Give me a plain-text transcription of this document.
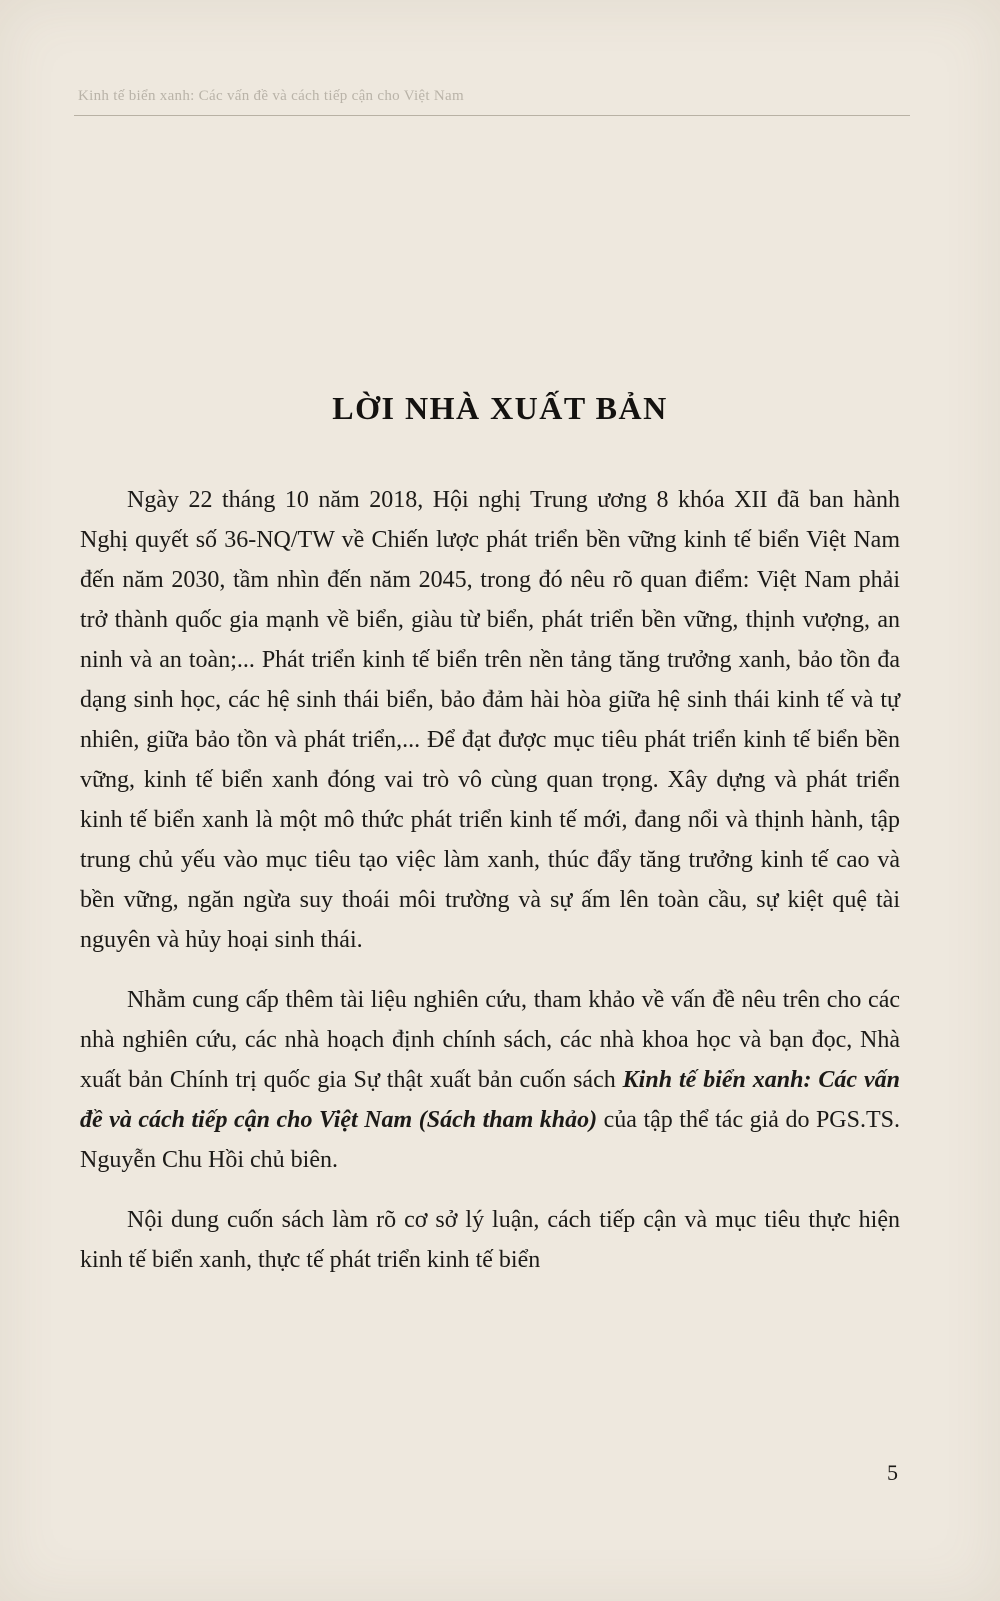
Kinh tế biển xanh: Các vấn đề và cách tiếp cận cho Việt Nam
LỜI NHÀ XUẤT BẢN

Ngày 22 tháng 10 năm 2018, Hội nghị Trung ương 8 khóa XII đã ban hành Nghị quyết số 36-NQ/TW về Chiến lược phát triển bền vững kinh tế biển Việt Nam đến năm 2030, tầm nhìn đến năm 2045, trong đó nêu rõ quan điểm: Việt Nam phải trở thành quốc gia mạnh về biển, giàu từ biển, phát triển bền vững, thịnh vượng, an ninh và an toàn;... Phát triển kinh tế biển trên nền tảng tăng trưởng xanh, bảo tồn đa dạng sinh học, các hệ sinh thái biển, bảo đảm hài hòa giữa hệ sinh thái kinh tế và tự nhiên, giữa bảo tồn và phát triển,... Để đạt được mục tiêu phát triển kinh tế biển bền vững, kinh tế biển xanh đóng vai trò vô cùng quan trọng. Xây dựng và phát triển kinh tế biển xanh là một mô thức phát triển kinh tế mới, đang nổi và thịnh hành, tập trung chủ yếu vào mục tiêu tạo việc làm xanh, thúc đẩy tăng trưởng kinh tế cao và bền vững, ngăn ngừa suy thoái môi trường và sự ấm lên toàn cầu, sự kiệt quệ tài nguyên và hủy hoại sinh thái.

Nhằm cung cấp thêm tài liệu nghiên cứu, tham khảo về vấn đề nêu trên cho các nhà nghiên cứu, các nhà hoạch định chính sách, các nhà khoa học và bạn đọc, Nhà xuất bản Chính trị quốc gia Sự thật xuất bản cuốn sách Kinh tế biển xanh: Các vấn đề và cách tiếp cận cho Việt Nam (Sách tham khảo) của tập thể tác giả do PGS.TS. Nguyễn Chu Hồi chủ biên.

Nội dung cuốn sách làm rõ cơ sở lý luận, cách tiếp cận và mục tiêu thực hiện kinh tế biển xanh, thực tế phát triển kinh tế biển

5
